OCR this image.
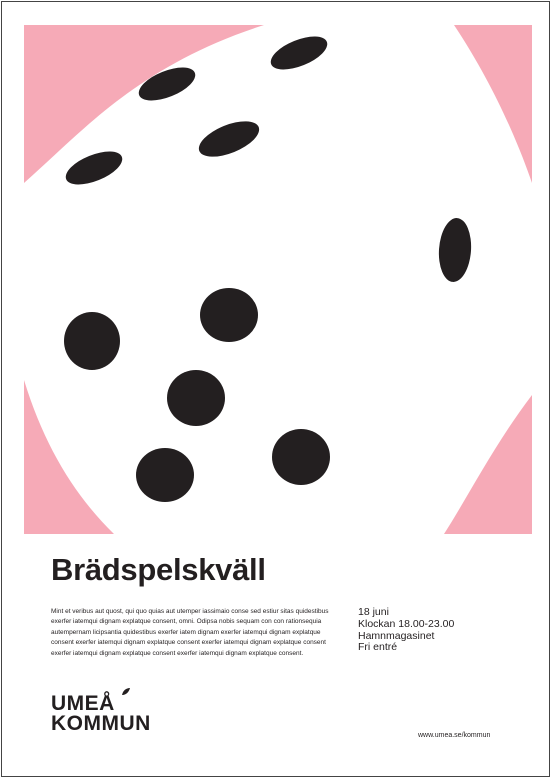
Brädspelskväll
Mint et veribus aut quost, qui quo quias aut utemper iassimaio conse sed estiur sitas quidestibus exerfer iatemqui dignam explatque consent, omni. Odipsa nobis sequam con con rationsequia autempernam licipsantia quidestibus exerfer iatem dignam exerfer iatemqui dignam explatque consent exerfer iatemqui dignam explatque consent exerfer iatemqui dignam explatque consent exerfer iatemqui dignam explatque consent exerfer iatemqui dignam explatque consent.
18 juni
Klockan 18.00-23.00
Hamnmagasinet
Fri entré
UMEÅ
KOMMUN
www.umea.se/kommun
